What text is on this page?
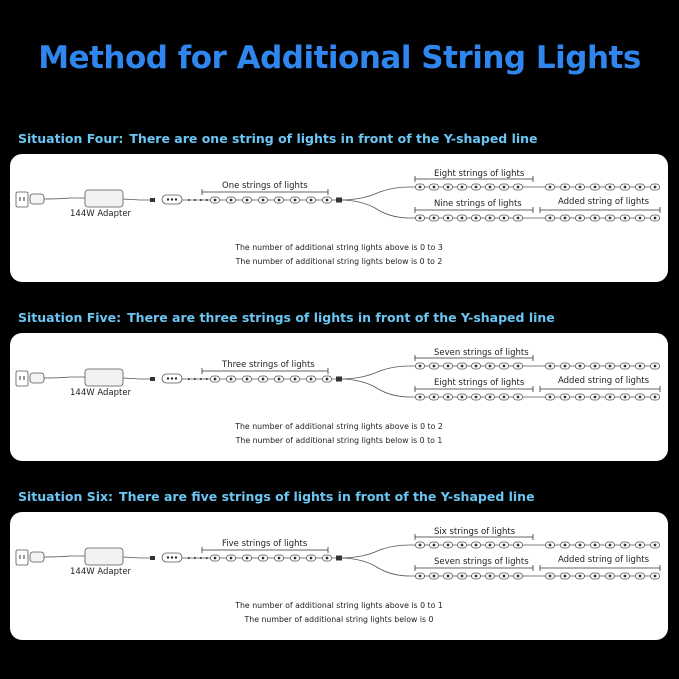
Method for Additional String Lights
Situation Four: There are one string of lights in front of the Y-shaped line
144W Adapter
One strings of lights
Eight strings of lights
Nine strings of lights	Added string of lights
The number of additional string lights above is 0 to 3
The number of additional string lights below is 0 to 2
Situation Five: There are three strings of lights in front of the Y-shaped line
144W Adapter
Three strings of lights
Seven strings of lights
Eight strings of lights	Added string of lights
The number of additional string lights above is 0 to 2
The number of additional string lights below is 0 to 1
Situation Six: There are five strings of lights in front of the Y-shaped line
144W Adapter
Five strings of lights
Six strings of lights
Seven strings of lights	Added string of lights
The number of additional string lights above is 0 to 1
The number of additional string lights below is 0
